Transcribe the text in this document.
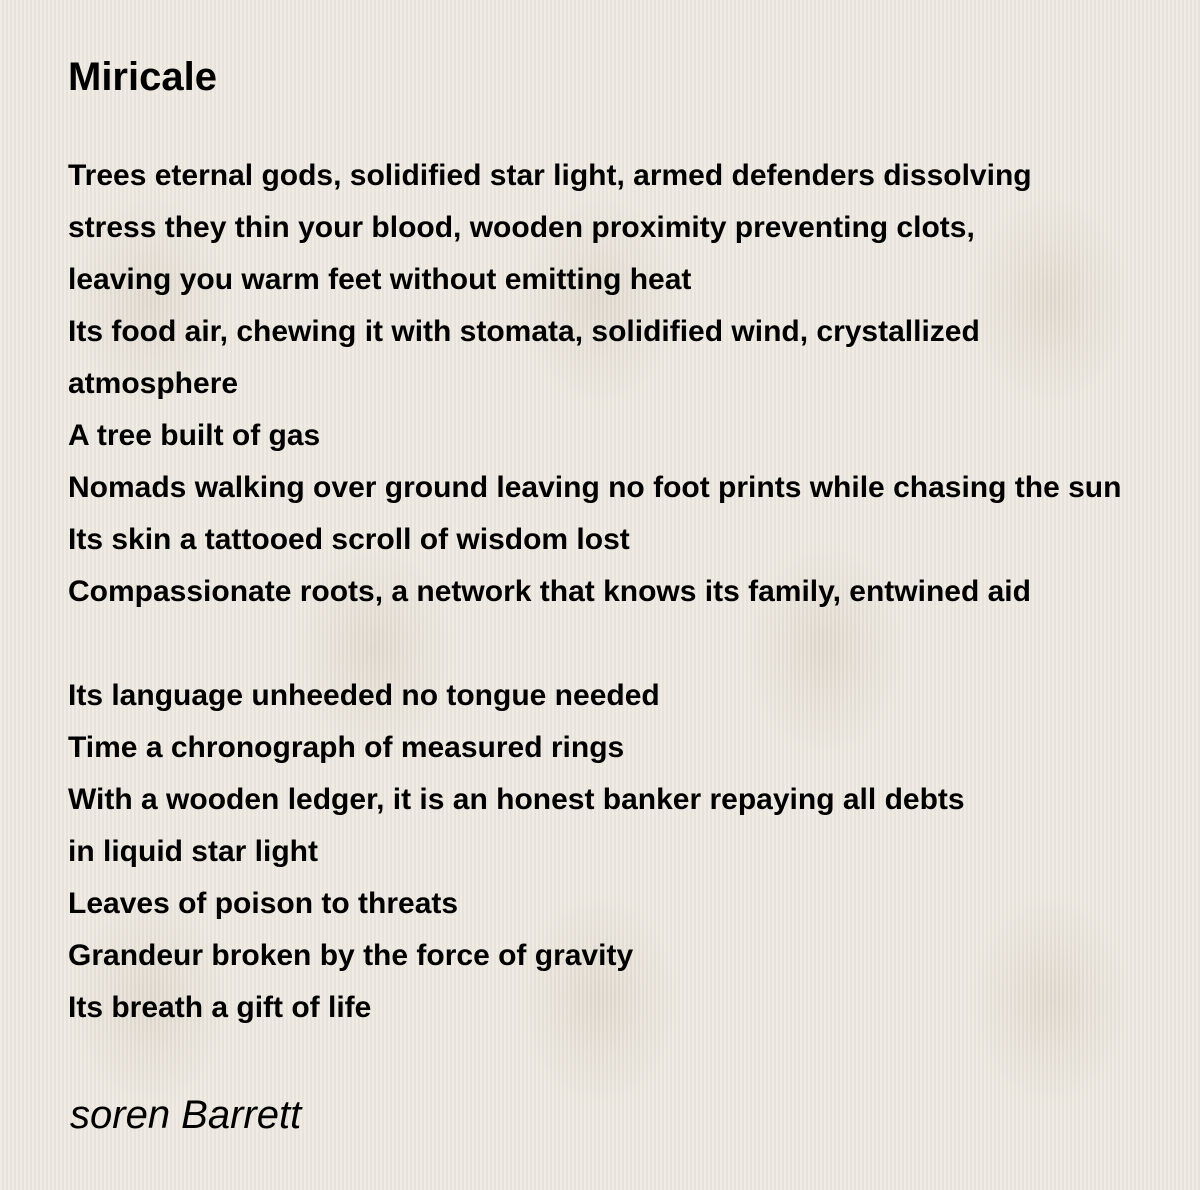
Miricale
Trees eternal gods, solidified star light, armed defenders dissolving
stress they thin your blood, wooden proximity preventing clots,
leaving you warm feet without emitting heat
Its food air, chewing it with stomata, solidified wind, crystallized
atmosphere
A tree built of gas
Nomads walking over ground leaving no foot prints while chasing the sun
Its skin a tattooed scroll of wisdom lost
Compassionate roots, a network that knows its family, entwined aid
Its language unheeded no tongue needed
Time a chronograph of measured rings
With a wooden ledger, it is an honest banker repaying all debts
in liquid star light
Leaves of poison to threats
Grandeur broken by the force of gravity
Its breath a gift of life
soren Barrett
